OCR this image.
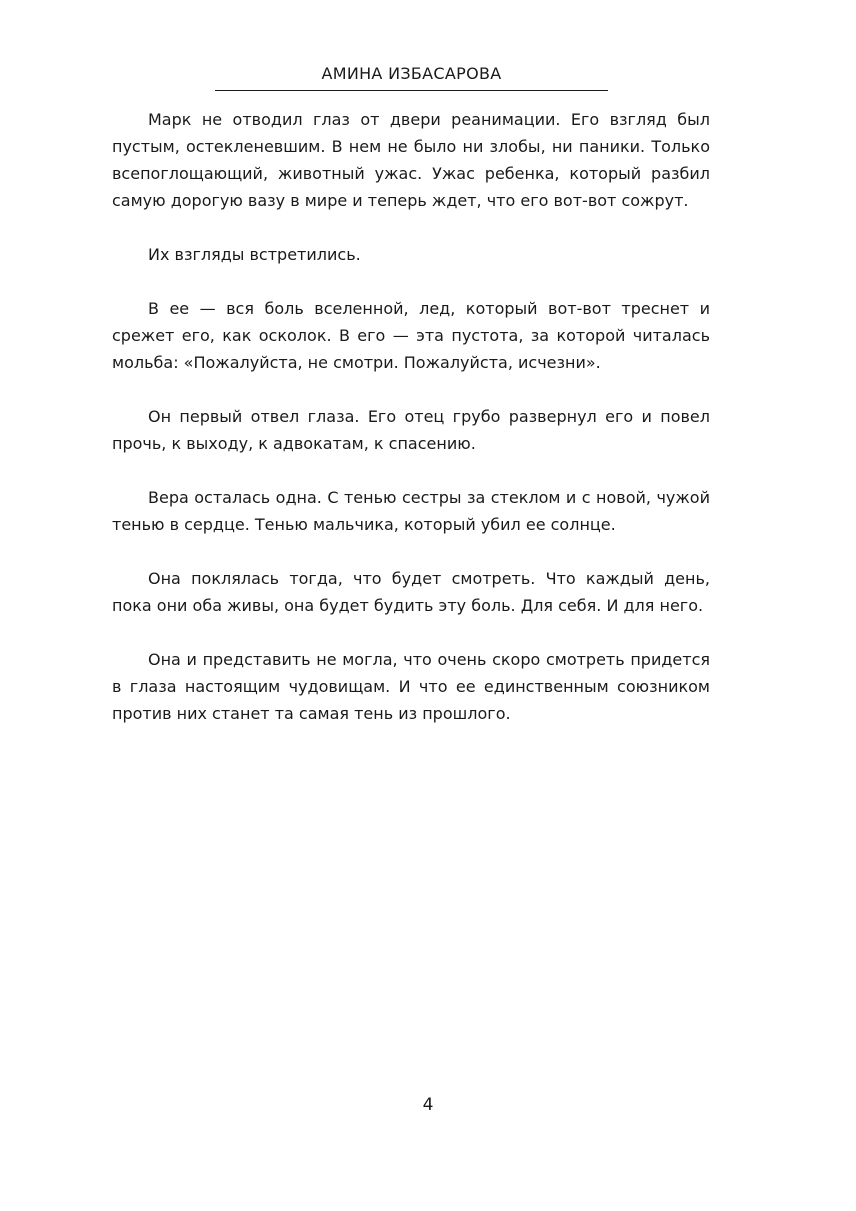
АМИНА ИЗБАСАРОВА

Марк не отводил глаз от двери реанимации. Его взгляд был пустым, остекленевшим. В нем не было ни злобы, ни паники. Только всепоглощающий, животный ужас. Ужас ребенка, который разбил самую дорогую вазу в мире и теперь ждет, что его вот-вот сожрут.

Их взгляды встретились.

В ее — вся боль вселенной, лед, который вот-вот треснет и срежет его, как осколок. В его — эта пустота, за которой читалась мольба: «Пожалуйста, не смотри. Пожалуйста, исчезни».

Он первый отвел глаза. Его отец грубо развернул его и повел прочь, к выходу, к адвокатам, к спасению.

Вера осталась одна. С тенью сестры за стеклом и с новой, чужой тенью в сердце. Тенью мальчика, который убил ее солнце.

Она поклялась тогда, что будет смотреть. Что каждый день, пока они оба живы, она будет будить эту боль. Для себя. И для него.

Она и представить не могла, что очень скоро смотреть придется в глаза настоящим чудовищам. И что ее единственным союзником против них станет та самая тень из прошлого.

4
